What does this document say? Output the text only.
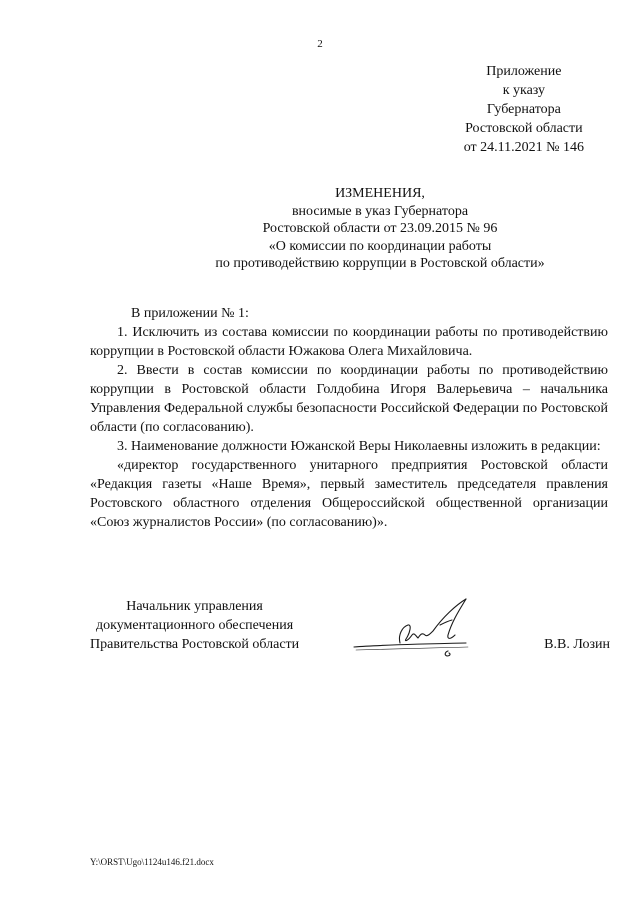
2
Приложение
к указу
Губернатора
Ростовской области
от 24.11.2021 № 146
ИЗМЕНЕНИЯ,
вносимые в указ Губернатора
Ростовской области от 23.09.2015 № 96
«О комиссии по координации работы
по противодействию коррупции в Ростовской области»

В приложении № 1:

1. Исключить из состава комиссии по координации работы по противодействию коррупции в Ростовской области Южакова Олега Михайловича.

2. Ввести в состав комиссии по координации работы по противодействию коррупции в Ростовской области Голдобина Игоря Валерьевича – начальника Управления Федеральной службы безопасности Российской Федерации по Ростовской области (по согласованию).

3. Наименование должности Южанской Веры Николаевны изложить в редакции:

«директор государственного унитарного предприятия Ростовской области «Редакция газеты «Наше Время», первый заместитель председателя правления Ростовского областного отделения Общероссийской общественной организации «Союз журналистов России» (по согласованию)».

Начальник управления
документационного обеспечения
Правительства Ростовской области	В.В. Лозин
Y:\ORST\Ugo\1124u146.f21.docx
